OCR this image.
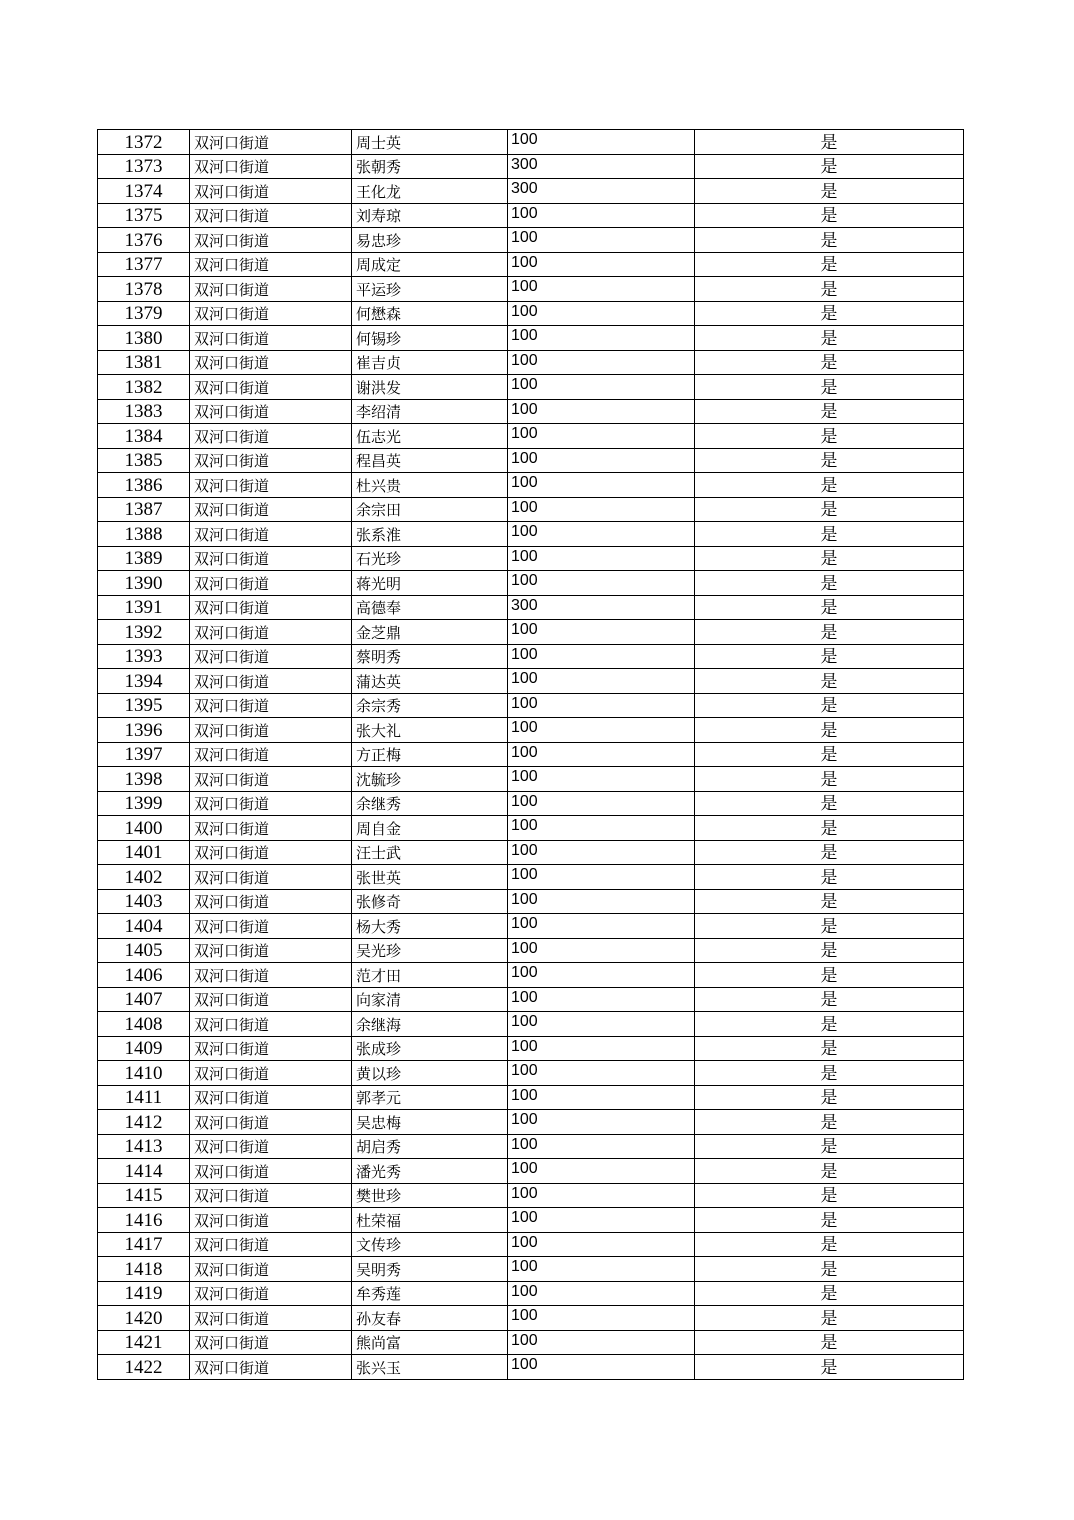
1372	双河口街道	周士英	100	是
1373	双河口街道	张朝秀	300	是
1374	双河口街道	王化龙	300	是
1375	双河口街道	刘寿琼	100	是
1376	双河口街道	易忠珍	100	是
1377	双河口街道	周成定	100	是
1378	双河口街道	平运珍	100	是
1379	双河口街道	何懋森	100	是
1380	双河口街道	何锡珍	100	是
1381	双河口街道	崔吉贞	100	是
1382	双河口街道	谢洪发	100	是
1383	双河口街道	李绍清	100	是
1384	双河口街道	伍志光	100	是
1385	双河口街道	程昌英	100	是
1386	双河口街道	杜兴贵	100	是
1387	双河口街道	余宗田	100	是
1388	双河口街道	张系淮	100	是
1389	双河口街道	石光珍	100	是
1390	双河口街道	蒋光明	100	是
1391	双河口街道	高德奉	300	是
1392	双河口街道	金芝鼎	100	是
1393	双河口街道	蔡明秀	100	是
1394	双河口街道	蒲达英	100	是
1395	双河口街道	余宗秀	100	是
1396	双河口街道	张大礼	100	是
1397	双河口街道	方正梅	100	是
1398	双河口街道	沈毓珍	100	是
1399	双河口街道	余继秀	100	是
1400	双河口街道	周自金	100	是
1401	双河口街道	汪士武	100	是
1402	双河口街道	张世英	100	是
1403	双河口街道	张修奇	100	是
1404	双河口街道	杨大秀	100	是
1405	双河口街道	吴光珍	100	是
1406	双河口街道	范才田	100	是
1407	双河口街道	向家清	100	是
1408	双河口街道	余继海	100	是
1409	双河口街道	张成珍	100	是
1410	双河口街道	黄以珍	100	是
1411	双河口街道	郭孝元	100	是
1412	双河口街道	吴忠梅	100	是
1413	双河口街道	胡启秀	100	是
1414	双河口街道	潘光秀	100	是
1415	双河口街道	樊世珍	100	是
1416	双河口街道	杜荣福	100	是
1417	双河口街道	文传珍	100	是
1418	双河口街道	吴明秀	100	是
1419	双河口街道	牟秀莲	100	是
1420	双河口街道	孙友春	100	是
1421	双河口街道	熊尚富	100	是
1422	双河口街道	张兴玉	100	是
